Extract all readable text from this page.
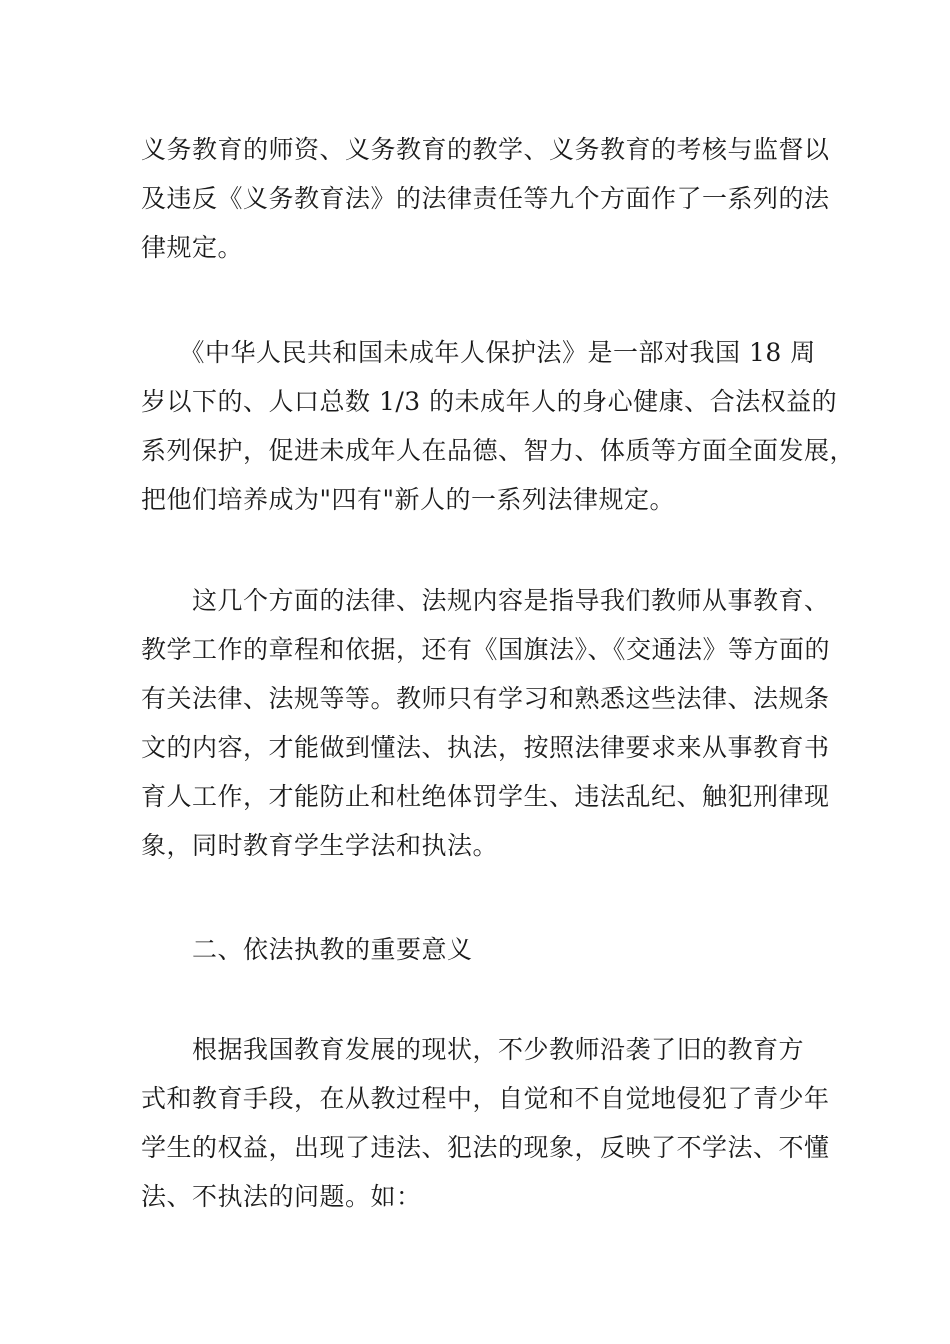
义务教育的师资、义务教育的教学、义务教育的考核与监督以
及违反《义务教育法》的法律责任等九个方面作了一系列的法
律规定。
　　《中华人民共和国未成年人保护法》是一部对我国 18 周
岁以下的、人口总数 1/3 的未成年人的身心健康、合法权益的
系列保护，促进未成年人在品德、智力、体质等方面全面发展，
把他们培养成为"四有"新人的一系列法律规定。
　　这几个方面的法律、法规内容是指导我们教师从事教育、
教学工作的章程和依据，还有《国旗法》、《交通法》等方面的
有关法律、法规等等。教师只有学习和熟悉这些法律、法规条
文的内容，才能做到懂法、执法，按照法律要求来从事教育书
育人工作，才能防止和杜绝体罚学生、违法乱纪、触犯刑律现
象，同时教育学生学法和执法。
　　二、依法执教的重要意义
　　根据我国教育发展的现状，不少教师沿袭了旧的教育方
式和教育手段，在从教过程中，自觉和不自觉地侵犯了青少年
学生的权益，出现了违法、犯法的现象，反映了不学法、不懂
法、不执法的问题。如：
